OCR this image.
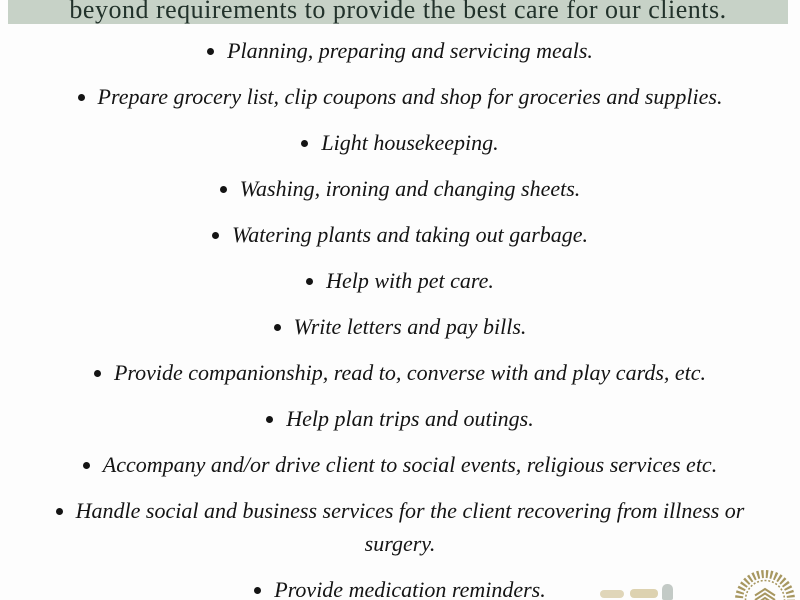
beyond requirements to provide the best care for our clients.
Planning, preparing and servicing meals.
Prepare grocery list, clip coupons and shop for groceries and supplies.
Light housekeeping.
Washing, ironing and changing sheets.
Watering plants and taking out garbage.
Help with pet care.
Write letters and pay bills.
Provide companionship, read to, converse with and play cards, etc.
Help plan trips and outings.
Accompany and/or drive client to social events, religious services etc.
Handle social and business services for the client recovering from illness or
surgery.
Provide medication reminders.
